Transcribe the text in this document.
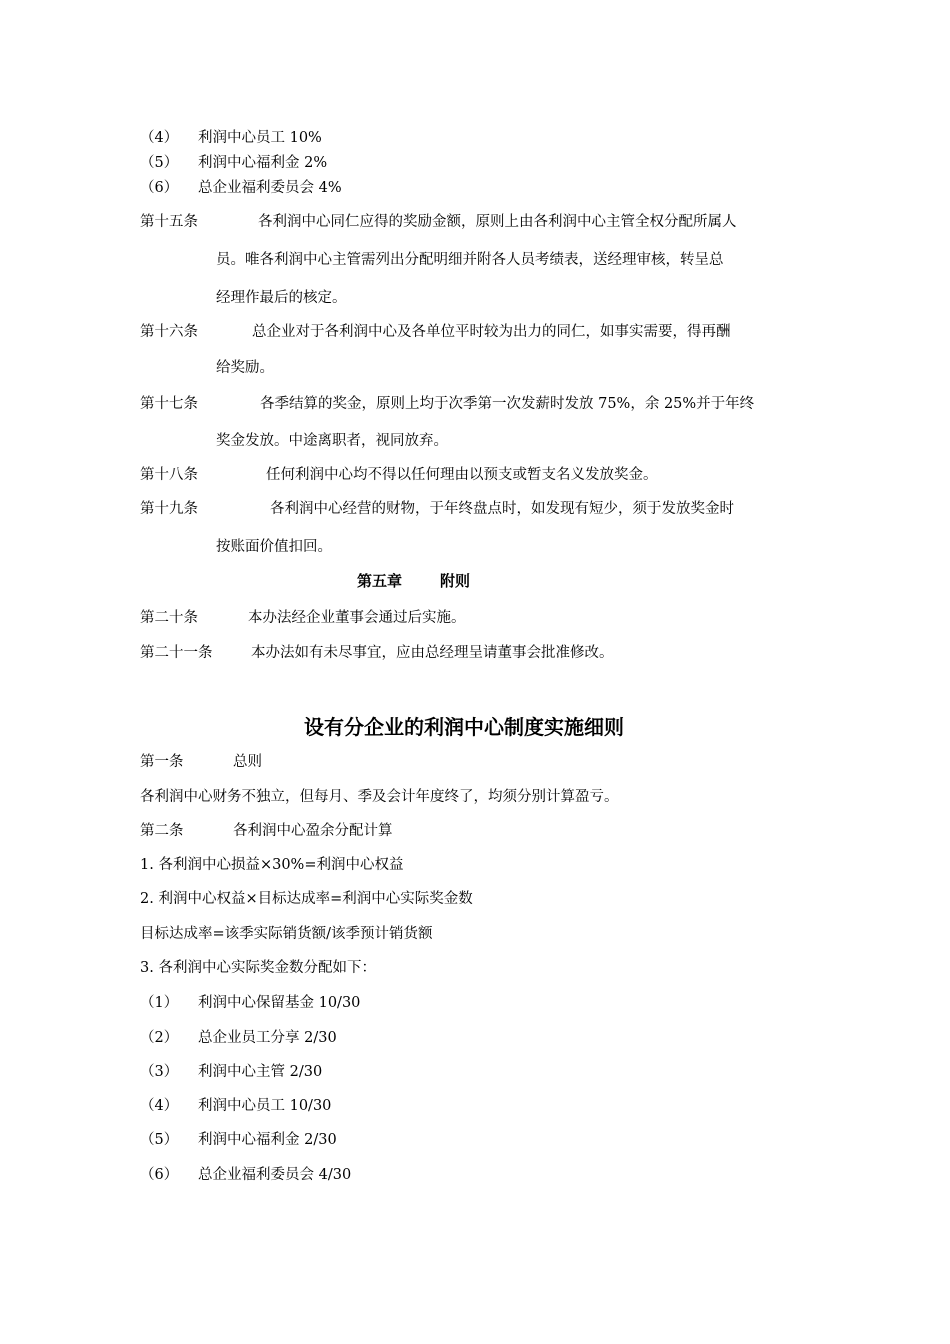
（4） 利润中心员工 10%
（5） 利润中心福利金 2%
（6） 总企业福利委员会 4%
第十五条	各利润中心同仁应得的奖励金额，原则上由各利润中心主管全权分配所属人
员。唯各利润中心主管需列出分配明细并附各人员考绩表，送经理审核，转呈总
经理作最后的核定。
第十六条	总企业对于各利润中心及各单位平时较为出力的同仁，如事实需要，得再酬
给奖励。
第十七条	各季结算的奖金，原则上均于次季第一次发薪时发放 75%，余 25%并于年终
奖金发放。中途离职者，视同放弃。
第十八条	任何利润中心均不得以任何理由以预支或暂支名义发放奖金。
第十九条	各利润中心经营的财物，于年终盘点时，如发现有短少，须于发放奖金时
按账面价值扣回。
第五章	附则
第二十条	本办法经企业董事会通过后实施。
第二十一条	本办法如有未尽事宜，应由总经理呈请董事会批准修改。
设有分企业的利润中心制度实施细则
第一条	总则
各利润中心财务不独立，但每月、季及会计年度终了，均须分别计算盈亏。
第二条	各利润中心盈余分配计算
1. 各利润中心损益×30%=利润中心权益
2. 利润中心权益×目标达成率=利润中心实际奖金数
目标达成率=该季实际销货额/该季预计销货额
3. 各利润中心实际奖金数分配如下：
（1） 利润中心保留基金 10/30
（2） 总企业员工分享 2/30
（3） 利润中心主管 2/30
（4） 利润中心员工 10/30
（5） 利润中心福利金 2/30
（6） 总企业福利委员会 4/30
